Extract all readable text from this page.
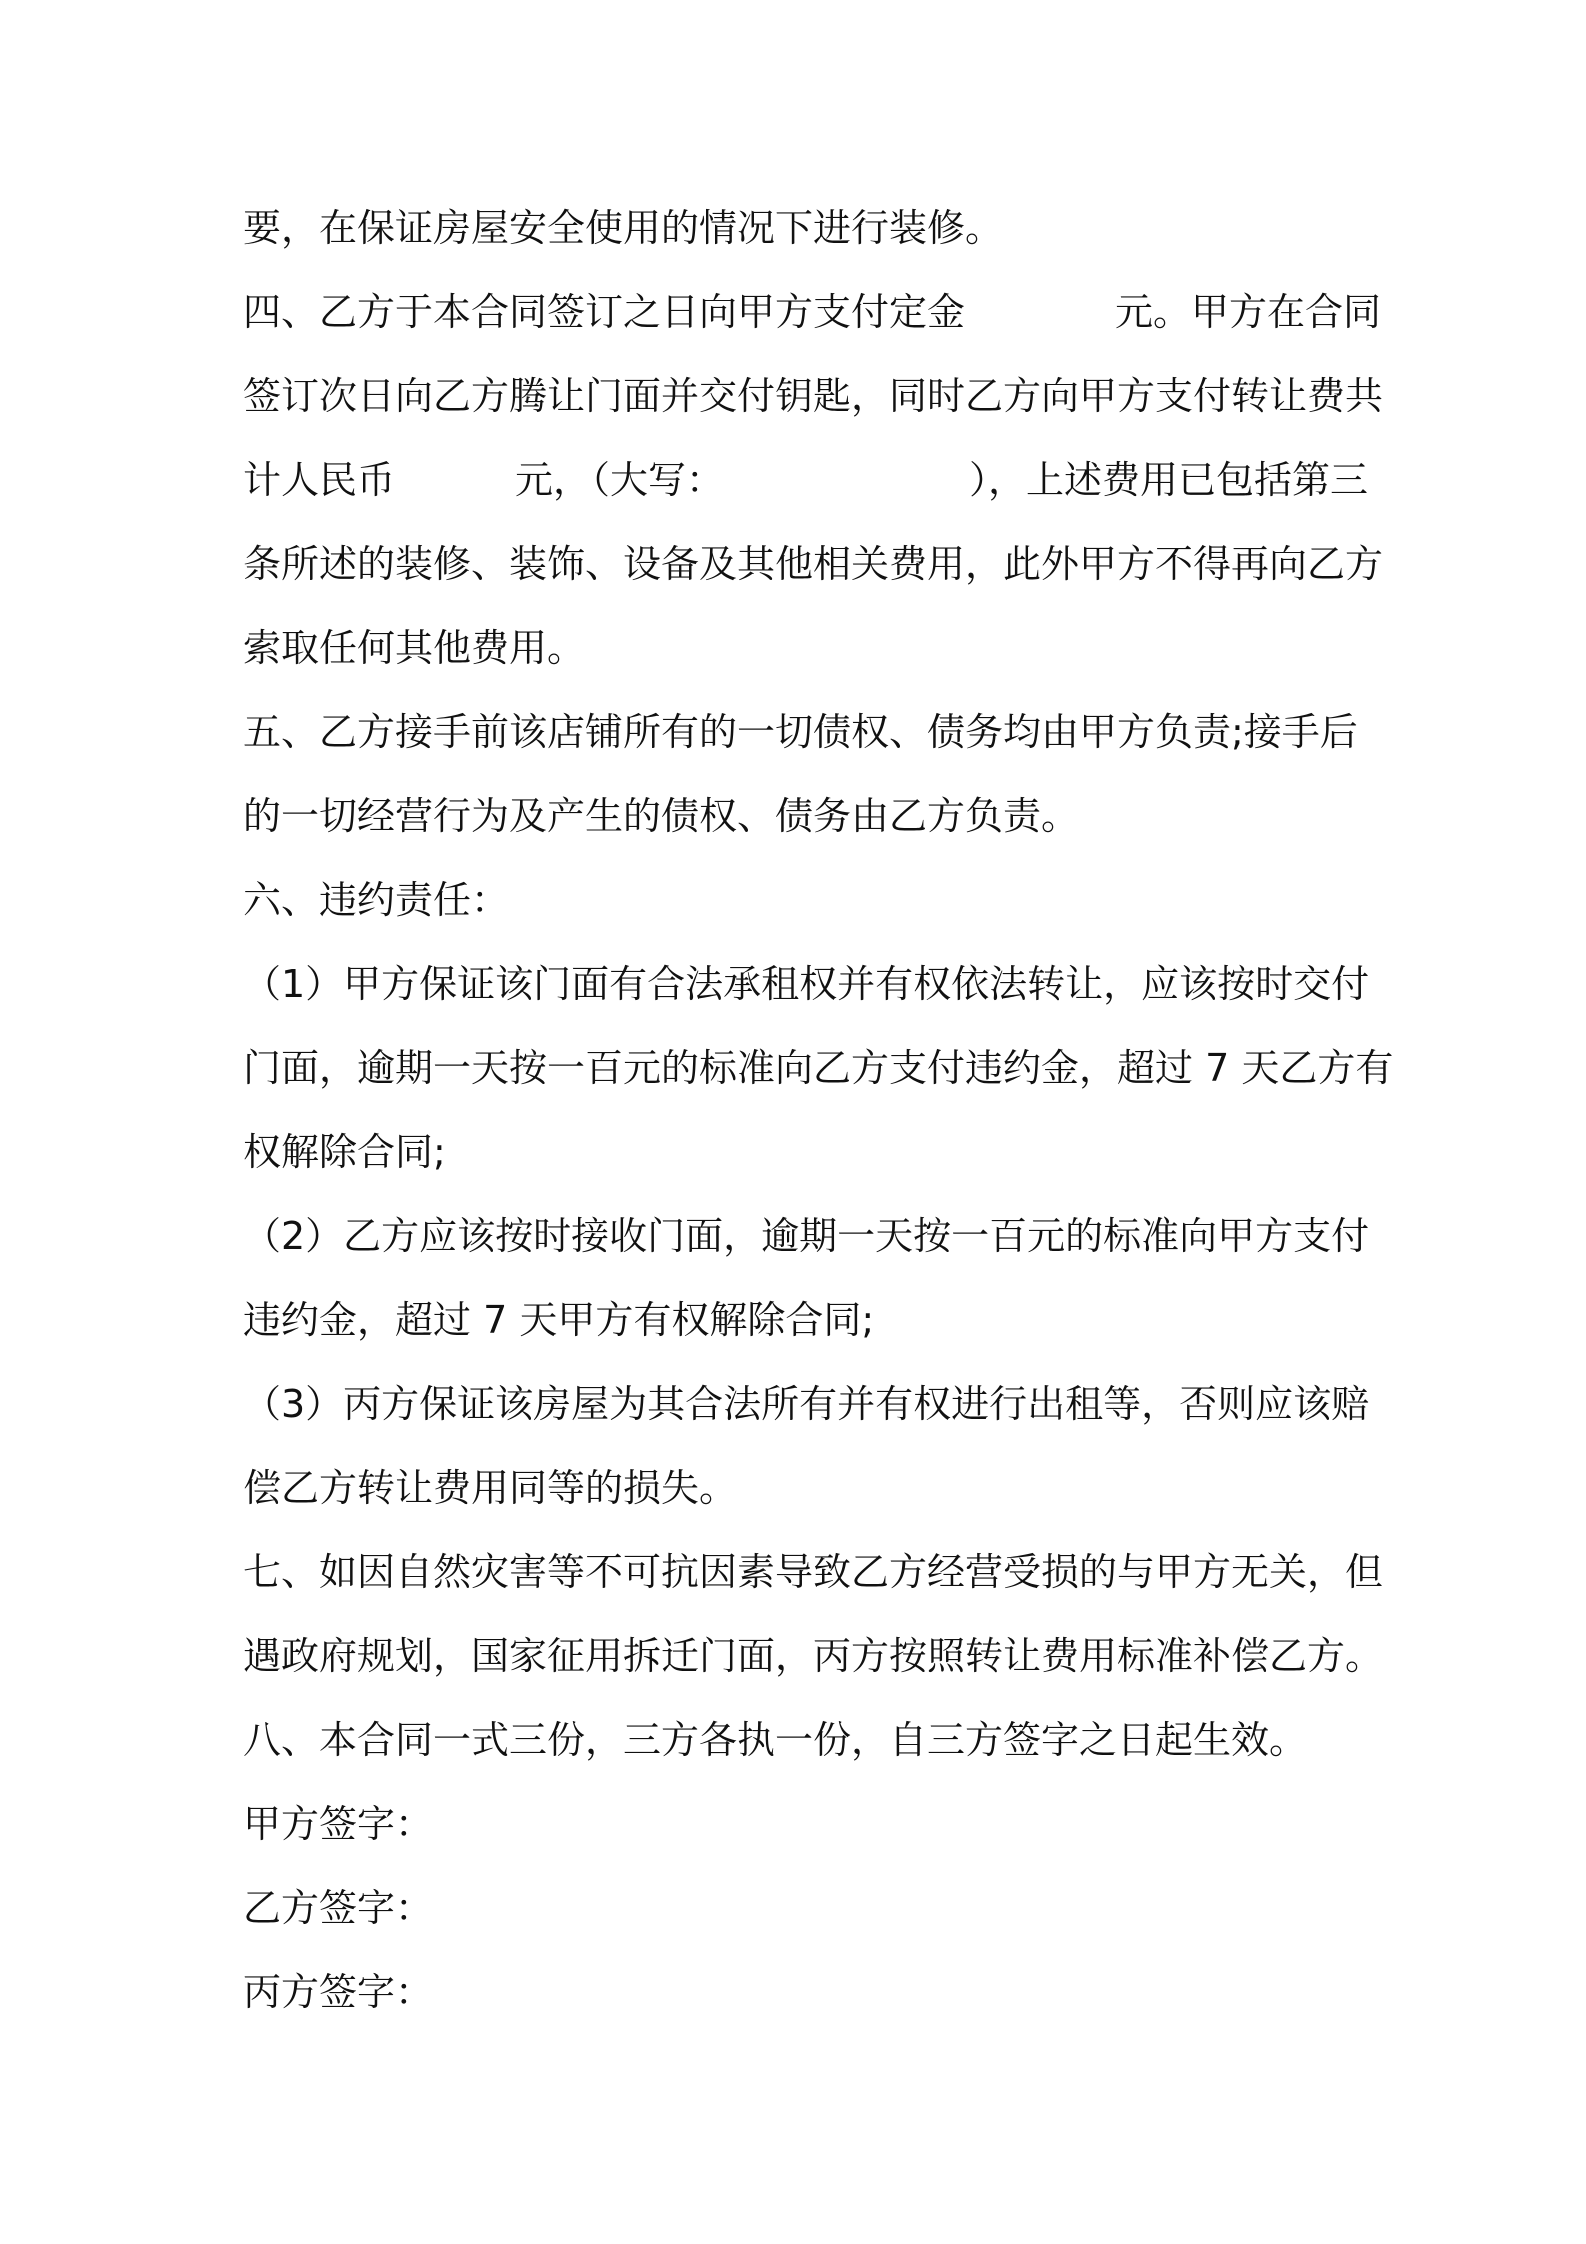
要，在保证房屋安全使用的情况下进行装修。
四、乙方于本合同签订之日向甲方支付定金	元。甲方在合同
签订次日向乙方腾让门面并交付钥匙，同时乙方向甲方支付转让费共
计人民币	元，（大写：	），上述费用已包括第三
条所述的装修、装饰、设备及其他相关费用，此外甲方不得再向乙方
索取任何其他费用。
五、乙方接手前该店铺所有的一切债权、债务均由甲方负责;接手后
的一切经营行为及产生的债权、债务由乙方负责。
六、违约责任：
（1）甲方保证该门面有合法承租权并有权依法转让，应该按时交付
门面，逾期一天按一百元的标准向乙方支付违约金，超过 7 天乙方有
权解除合同;
（2）乙方应该按时接收门面，逾期一天按一百元的标准向甲方支付
违约金，超过 7 天甲方有权解除合同;
（3）丙方保证该房屋为其合法所有并有权进行出租等，否则应该赔
偿乙方转让费用同等的损失。
七、如因自然灾害等不可抗因素导致乙方经营受损的与甲方无关，但
遇政府规划，国家征用拆迁门面，丙方按照转让费用标准补偿乙方。
八、本合同一式三份，三方各执一份，自三方签字之日起生效。
甲方签字：
乙方签字：
丙方签字：
